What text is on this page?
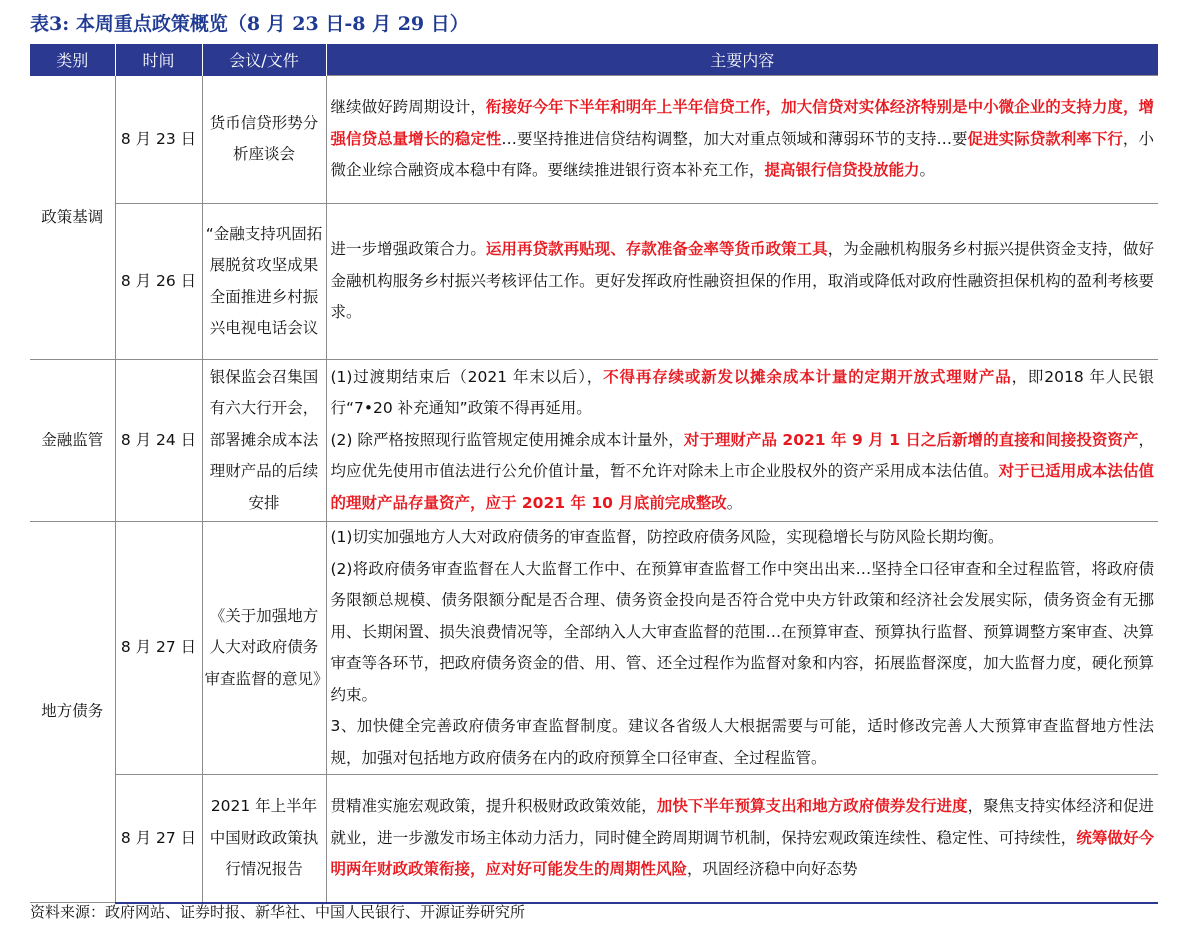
表3: 本周重点政策概览（8 月 23 日-8 月 29 日）
类别	时间	会议/文件	主要内容
政策基调	8 月 23 日	货币信贷形势分析座谈会	继续做好跨周期设计，衔接好今年下半年和明年上半年信贷工作，加大信贷对实体经济特别是中小微企业的支持力度，增强信贷总量增长的稳定性…要坚持推进信贷结构调整，加大对重点领域和薄弱环节的支持…要促进实际贷款利率下行，小微企业综合融资成本稳中有降。要继续推进银行资本补充工作，提高银行信贷投放能力。

	8 月 26 日	“金融支持巩固拓展脱贫攻坚成果 全面推进乡村振兴电视电话会议	进一步增强政策合力。运用再贷款再贴现、存款准备金率等货币政策工具，为金融机构服务乡村振兴提供资金支持，做好金融机构服务乡村振兴考核评估工作。更好发挥政府性融资担保的作用，取消或降低对政府性融资担保机构的盈利考核要求。

金融监管	8 月 24 日	银保监会召集国有六大行开会，部署摊余成本法理财产品的后续安排	(1)过渡期结束后（2021 年末以后），不得再存续或新发以摊余成本计量的定期开放式理财产品，即2018 年人民银行“7•20 补充通知”政策不得再延用。
(2) 除严格按照现行监管规定使用摊余成本计量外，对于理财产品 2021 年 9 月 1 日之后新增的直接和间接投资资产，均应优先使用市值法进行公允价值计量，暂不允许对除未上市企业股权外的资产采用成本法估值。对于已适用成本法估值的理财产品存量资产，应于 2021 年 10 月底前完成整改。

地方债务	8 月 27 日	《关于加强地方人大对政府债务审查监督的意见》	(1)切实加强地方人大对政府债务的审查监督，防控政府债务风险，实现稳增长与防风险长期均衡。
(2)将政府债务审查监督在人大监督工作中、在预算审查监督工作中突出出来…坚持全口径审查和全过程监管，将政府债务限额总规模、债务限额分配是否合理、债务资金投向是否符合党中央方针政策和经济社会发展实际，债务资金有无挪用、长期闲置、损失浪费情况等，全部纳入人大审查监督的范围…在预算审查、预算执行监督、预算调整方案审查、决算审查等各环节，把政府债务资金的借、用、管、还全过程作为监督对象和内容，拓展监督深度，加大监督力度，硬化预算约束。
3、加快健全完善政府债务审查监督制度。建议各省级人大根据需要与可能，适时修改完善人大预算审查监督地方性法规，加强对包括地方政府债务在内的政府预算全口径审查、全过程监管。

	8 月 27 日	2021 年上半年中国财政政策执行情况报告	贯精准实施宏观政策，提升积极财政政策效能，加快下半年预算支出和地方政府债券发行进度，聚焦支持实体经济和促进就业，进一步激发市场主体动力活力，同时健全跨周期调节机制，保持宏观政策连续性、稳定性、可持续性，统筹做好今明两年财政政策衔接，应对好可能发生的周期性风险，巩固经济稳中向好态势
资料来源：政府网站、证券时报、新华社、中国人民银行、开源证券研究所
